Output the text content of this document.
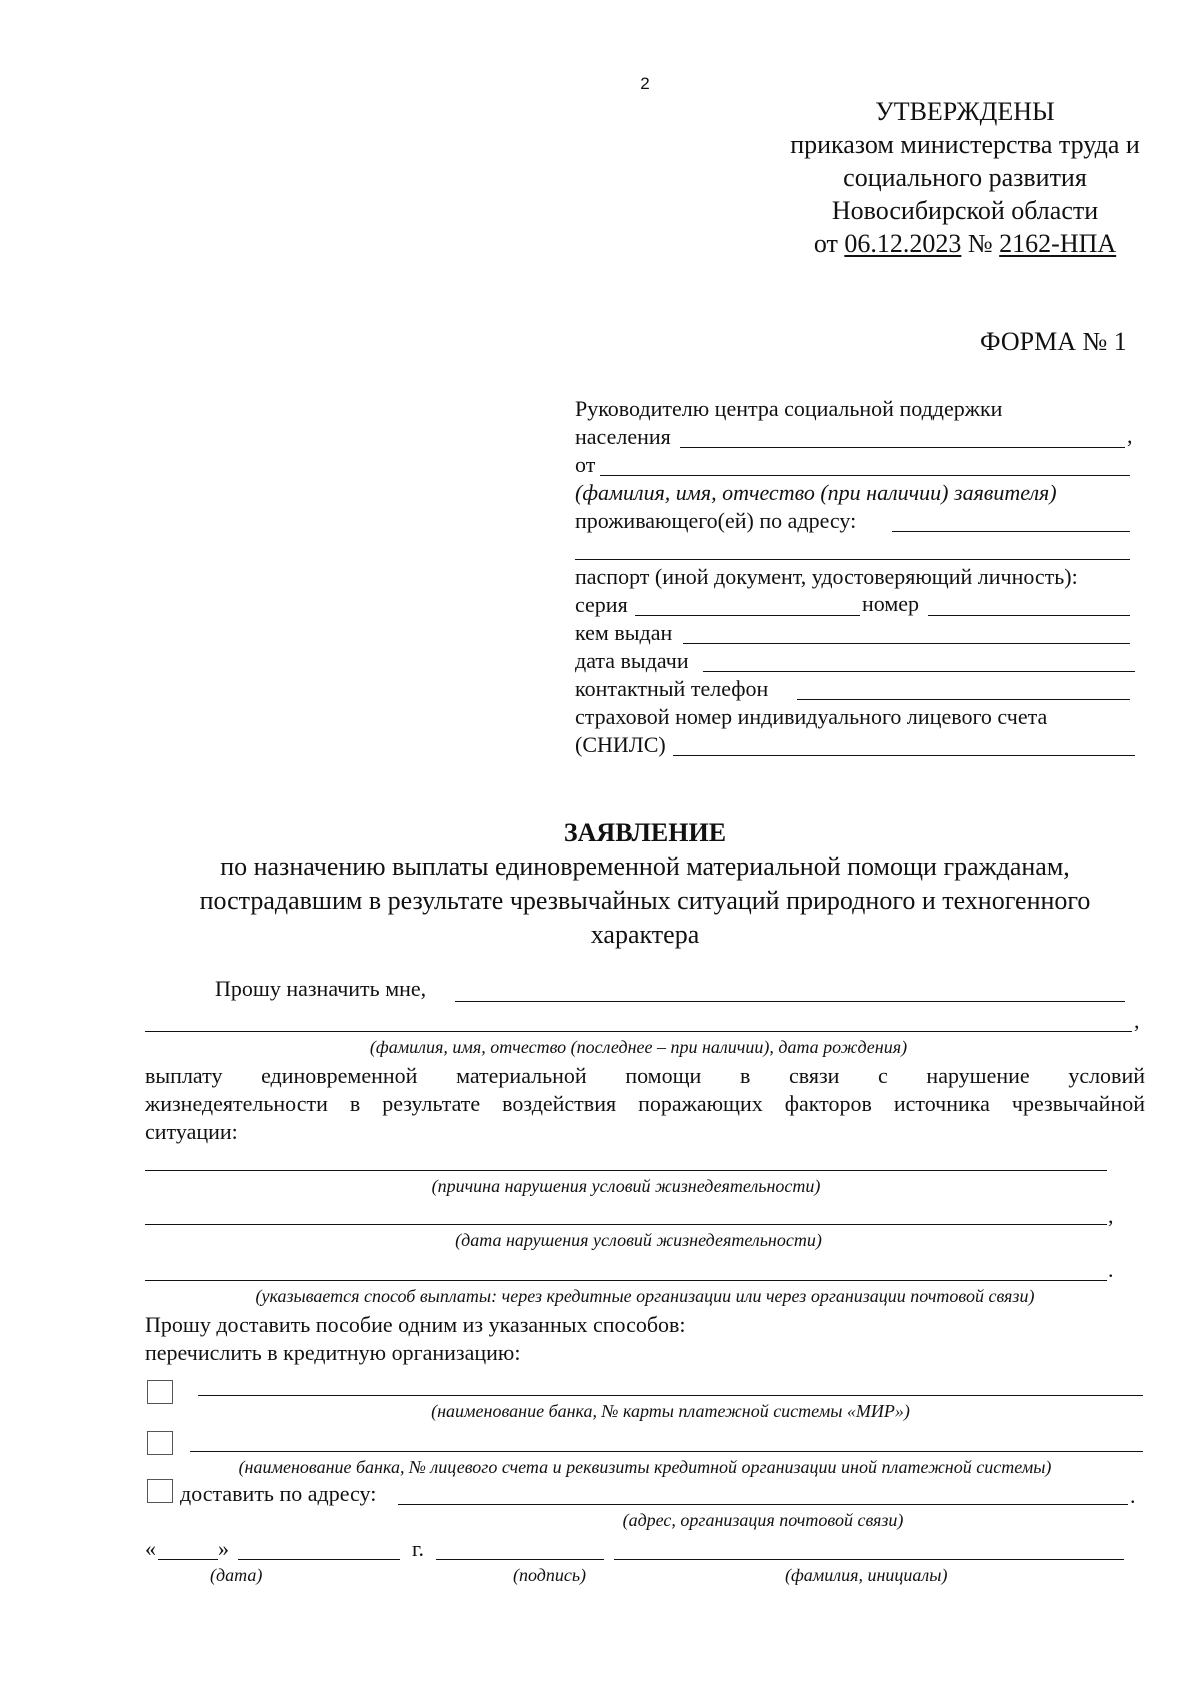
2
УТВЕРЖДЕНЫ
приказом министерства труда и
социального развития
Новосибирской области
от 06.12.2023 № 2162-НПА
ФОРМА № 1
Руководителю центра социальной поддержки
населения	,
от
(фамилия, имя, отчество (при наличии) заявителя)
проживающего(ей) по адресу:
паспорт (иной документ, удостоверяющий личность):
серия	номер
кем выдан
дата выдачи
контактный телефон
страховой номер индивидуального лицевого счета
(СНИЛС)
ЗАЯВЛЕНИЕ
по назначению выплаты единовременной материальной помощи гражданам, пострадавшим в результате чрезвычайных ситуаций природного и техногенного характера
Прошу назначить мне,
,
(фамилия, имя, отчество (последнее – при наличии), дата рождения)
выплату единовременной материальной помощи в связи с нарушение условий
жизнедеятельности в результате воздействия поражающих факторов источника чрезвычайной
ситуации:
(причина нарушения условий жизнедеятельности)
,
(дата нарушения условий жизнедеятельности)
.
(указывается способ выплаты: через кредитные организации или через организации почтовой связи)
Прошу доставить пособие одним из указанных способов:
перечислить в кредитную организацию:
(наименование банка, № карты платежной системы «МИР»)
(наименование банка, № лицевого счета и реквизиты кредитной организации иной платежной системы)
доставить по адресу:	.
(адрес, организация почтовой связи)
«	»	г.
(дата)	(подпись)	(фамилия, инициалы)
